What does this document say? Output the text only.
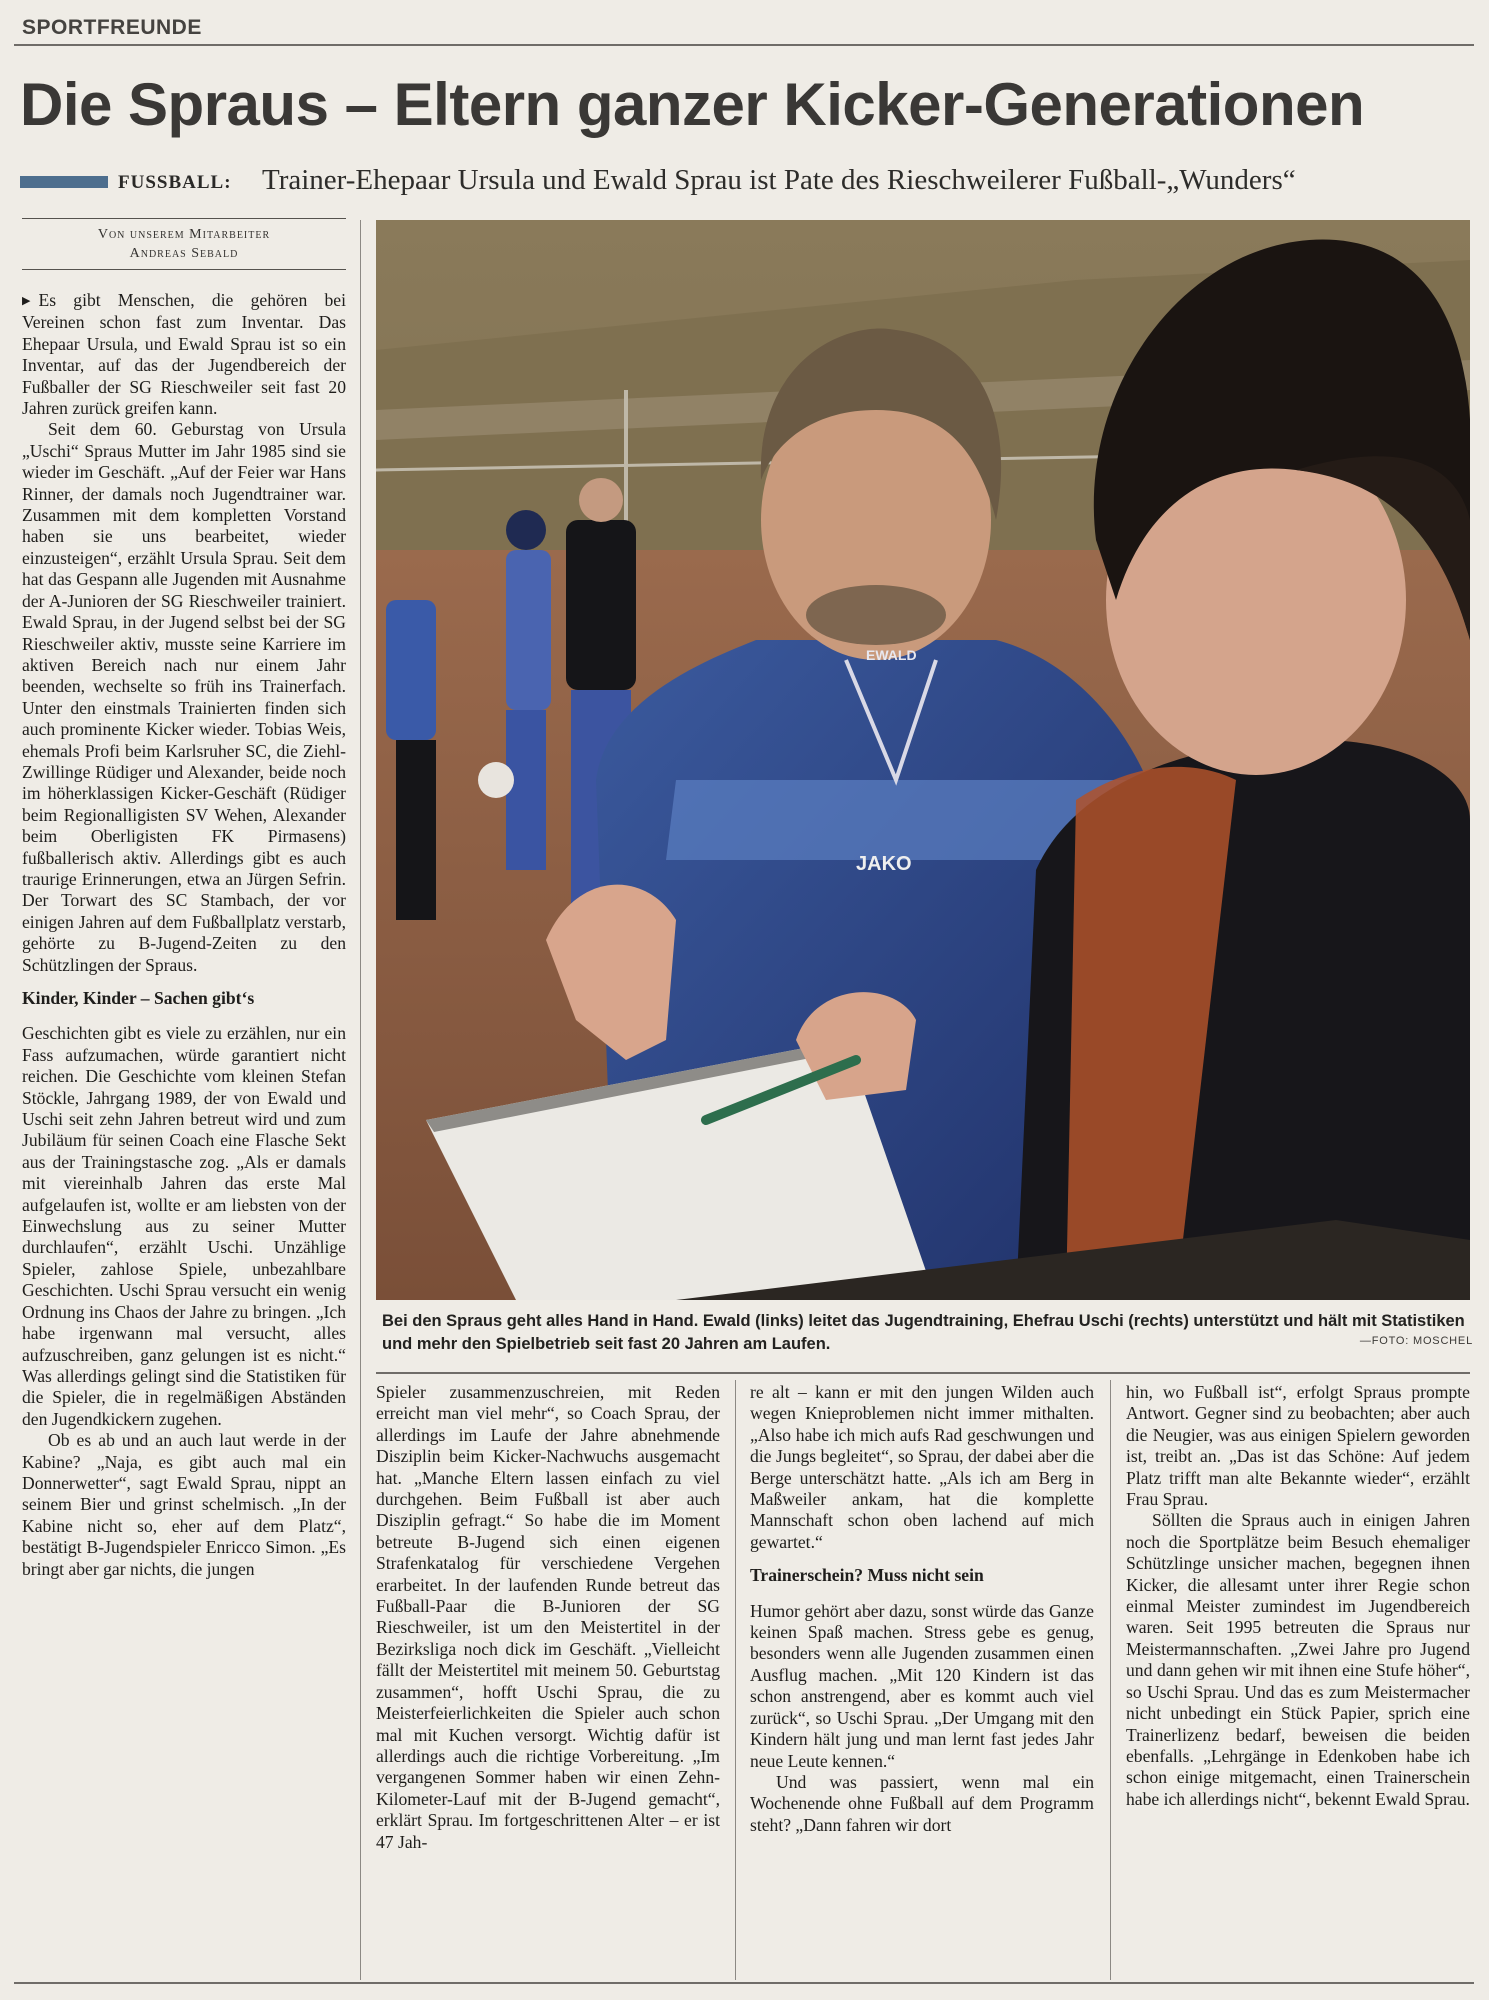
SPORTFREUNDE
Die Spraus – Eltern ganzer Kicker-Generationen
FUSSBALL: Trainer-Ehepaar Ursula und Ewald Sprau ist Pate des Rieschweilerer Fußball-„Wunders“
Von unserem Mitarbeiter
Andreas Sebald

▶ Es gibt Menschen, die gehören bei Vereinen schon fast zum Inventar. Das Ehepaar Ursula, und Ewald Sprau ist so ein Inventar, auf das der Jugendbereich der Fußballer der SG Rieschweiler seit fast 20 Jahren zurück greifen kann.

Seit dem 60. Geburstag von Ursula „Uschi“ Spraus Mutter im Jahr 1985 sind sie wieder im Geschäft. „Auf der Feier war Hans Rinner, der damals noch Jugendtrainer war. Zusammen mit dem kompletten Vorstand haben sie uns bearbeitet, wieder einzusteigen“, erzählt Ursula Sprau. Seit dem hat das Gespann alle Jugenden mit Ausnahme der A-Junioren der SG Rieschweiler trainiert. Ewald Sprau, in der Jugend selbst bei der SG Rieschweiler aktiv, musste seine Karriere im aktiven Bereich nach nur einem Jahr beenden, wechselte so früh ins Trainerfach. Unter den einstmals Trainierten finden sich auch prominente Kicker wieder. Tobias Weis, ehemals Profi beim Karlsruher SC, die Ziehl-Zwillinge Rüdiger und Alexander, beide noch im höherklassigen Kicker-Geschäft (Rüdiger beim Regionalligisten SV Wehen, Alexander beim Oberligisten FK Pirmasens) fußballerisch aktiv. Allerdings gibt es auch traurige Erinnerungen, etwa an Jürgen Sefrin. Der Torwart des SC Stambach, der vor einigen Jahren auf dem Fußballplatz verstarb, gehörte zu B-Jugend-Zeiten zu den Schützlingen der Spraus.

Kinder, Kinder – Sachen gibt‘s

Geschichten gibt es viele zu erzählen, nur ein Fass aufzumachen, würde garantiert nicht reichen. Die Geschichte vom kleinen Stefan Stöckle, Jahrgang 1989, der von Ewald und Uschi seit zehn Jahren betreut wird und zum Jubiläum für seinen Coach eine Flasche Sekt aus der Trainingstasche zog. „Als er damals mit viereinhalb Jahren das erste Mal aufgelaufen ist, wollte er am liebsten von der Einwechslung aus zu seiner Mutter durchlaufen“, erzählt Uschi. Unzählige Spieler, zahlose Spiele, unbezahlbare Geschichten. Uschi Sprau versucht ein wenig Ordnung ins Chaos der Jahre zu bringen. „Ich habe irgenwann mal versucht, alles aufzuschreiben, ganz gelungen ist es nicht.“ Was allerdings gelingt sind die Statistiken für die Spieler, die in regelmäßigen Abständen den Jugendkickern zugehen.

Ob es ab und an auch laut werde in der Kabine? „Naja, es gibt auch mal ein Donnerwetter“, sagt Ewald Sprau, nippt an seinem Bier und grinst schelmisch. „In der Kabine nicht so, eher auf dem Platz“, bestätigt B-Jugendspieler Enricco Simon. „Es bringt aber gar nichts, die jungen

EWALD
JAKO
Bei den Spraus geht alles Hand in Hand. Ewald (links) leitet das Jugendtraining, Ehefrau Uschi (rechts) unterstützt und hält mit Statistiken und mehr den Spielbetrieb seit fast 20 Jahren am Laufen.	—FOTO: MOSCHEL

Spieler zusammenzuschreien, mit Reden erreicht man viel mehr“, so Coach Sprau, der allerdings im Laufe der Jahre abnehmende Disziplin beim Kicker-Nachwuchs ausgemacht hat. „Manche Eltern lassen einfach zu viel durchgehen. Beim Fußball ist aber auch Disziplin gefragt.“ So habe die im Moment betreute B-Jugend sich einen eigenen Strafenkatalog für verschiedene Vergehen erarbeitet. In der laufenden Runde betreut das Fußball-Paar die B-Junioren der SG Rieschweiler, ist um den Meistertitel in der Bezirksliga noch dick im Geschäft. „Vielleicht fällt der Meistertitel mit meinem 50. Geburtstag zusammen“, hofft Uschi Sprau, die zu Meisterfeierlichkeiten die Spieler auch schon mal mit Kuchen versorgt. Wichtig dafür ist allerdings auch die richtige Vorbereitung. „Im vergangenen Sommer haben wir einen Zehn-Kilometer-Lauf mit der B-Jugend gemacht“, erklärt Sprau. Im fortgeschrittenen Alter – er ist 47 Jah-

re alt – kann er mit den jungen Wilden auch wegen Knieproblemen nicht immer mithalten. „Also habe ich mich aufs Rad geschwungen und die Jungs begleitet“, so Sprau, der dabei aber die Berge unterschätzt hatte. „Als ich am Berg in Maßweiler ankam, hat die komplette Mannschaft schon oben lachend auf mich gewartet.“

Trainerschein? Muss nicht sein

Humor gehört aber dazu, sonst würde das Ganze keinen Spaß machen. Stress gebe es genug, besonders wenn alle Jugenden zusammen einen Ausflug machen. „Mit 120 Kindern ist das schon anstrengend, aber es kommt auch viel zurück“, so Uschi Sprau. „Der Umgang mit den Kindern hält jung und man lernt fast jedes Jahr neue Leute kennen.“

Und was passiert, wenn mal ein Wochenende ohne Fußball auf dem Programm steht? „Dann fahren wir dort

hin, wo Fußball ist“, erfolgt Spraus prompte Antwort. Gegner sind zu beobachten; aber auch die Neugier, was aus einigen Spielern geworden ist, treibt an. „Das ist das Schöne: Auf jedem Platz trifft man alte Bekannte wieder“, erzählt Frau Sprau.

Söllten die Spraus auch in einigen Jahren noch die Sportplätze beim Besuch ehemaliger Schützlinge unsicher machen, begegnen ihnen Kicker, die allesamt unter ihrer Regie schon einmal Meister zumindest im Jugendbereich waren. Seit 1995 betreuten die Spraus nur Meistermannschaften. „Zwei Jahre pro Jugend und dann gehen wir mit ihnen eine Stufe höher“, so Uschi Sprau. Und das es zum Meistermacher nicht unbedingt ein Stück Papier, sprich eine Trainerlizenz bedarf, beweisen die beiden ebenfalls. „Lehrgänge in Edenkoben habe ich schon einige mitgemacht, einen Trainerschein habe ich allerdings nicht“, bekennt Ewald Sprau.
